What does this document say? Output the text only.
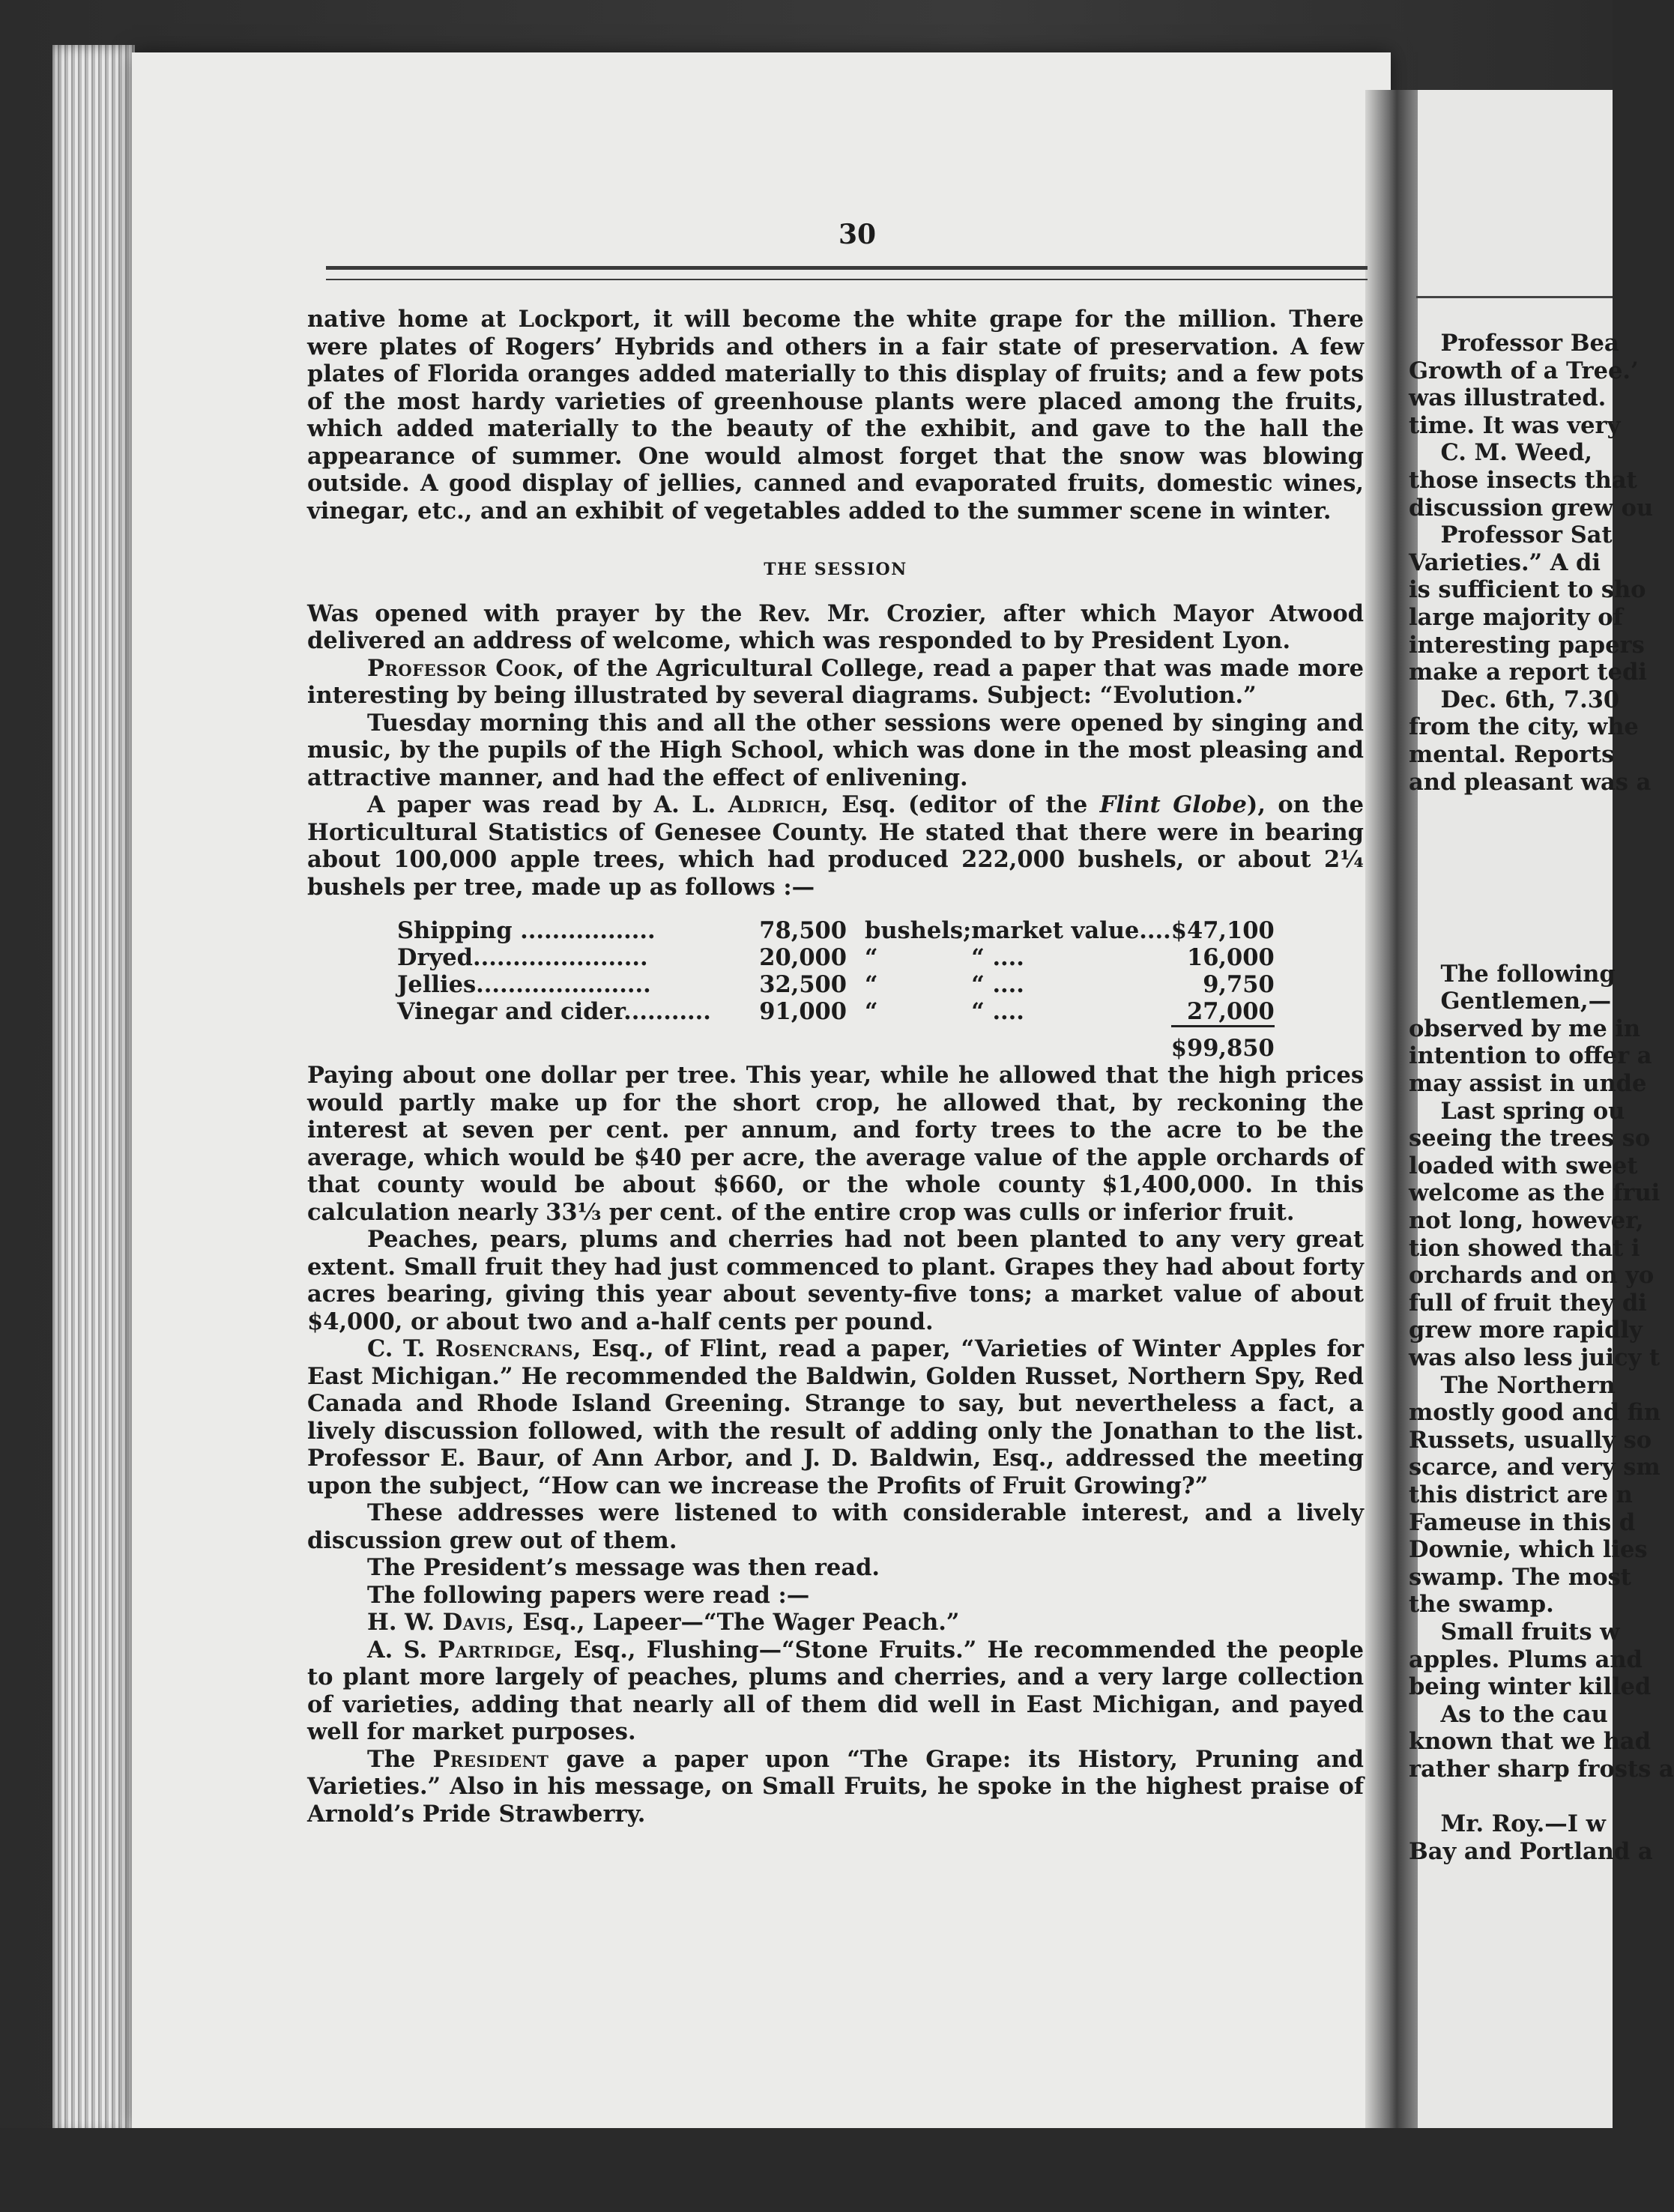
30

native home at Lockport, it will become the white grape for the million. There were plates of Rogers’ Hybrids and others in a fair state of preservation. A few plates of Florida oranges added materially to this display of fruits; and a few pots of the most hardy varieties of greenhouse plants were placed among the fruits, which added materially to the beauty of the exhibit, and gave to the hall the appearance of summer. One would almost forget that the snow was blowing outside. A good display of jellies, canned and evaporated fruits, domestic wines, vinegar, etc., and an exhibit of vegetables added to the summer scene in winter.

THE SESSION

Was opened with prayer by the Rev. Mr. Crozier, after which Mayor Atwood delivered an address of welcome, which was responded to by President Lyon.

Professor Cook, of the Agricultural College, read a paper that was made more interesting by being illustrated by several diagrams. Subject: “Evolution.”

Tuesday morning this and all the other sessions were opened by singing and music, by the pupils of the High School, which was done in the most pleasing and attractive manner, and had the effect of enlivening.

A paper was read by A. L. Aldrich, Esq. (editor of the Flint Globe), on the Horticultural Statistics of Genesee County. He stated that there were in bearing about 100,000 apple trees, which had produced 222,000 bushels, or about 2¼ bushels per tree, made up as follows :—

Shipping .................	78,500	bushels;	market value....	$47,100
Dryed......................	20,000	“	“ ....	16,000
Jellies......................	32,500	“	“ ....	9,750
Vinegar and cider...........	91,000	“	“ ....	27,000
				$99,850

Paying about one dollar per tree. This year, while he allowed that the high prices would partly make up for the short crop, he allowed that, by reckoning the interest at seven per cent. per annum, and forty trees to the acre to be the average, which would be $40 per acre, the average value of the apple orchards of that county would be about $660, or the whole county $1,400,000. In this calculation nearly 33⅓ per cent. of the entire crop was culls or inferior fruit.

Peaches, pears, plums and cherries had not been planted to any very great extent. Small fruit they had just commenced to plant. Grapes they had about forty acres bearing, giving this year about seventy-five tons; a market value of about $4,000, or about two and a-half cents per pound.

C. T. Rosencrans, Esq., of Flint, read a paper, “Varieties of Winter Apples for East Michigan.” He recommended the Baldwin, Golden Russet, Northern Spy, Red Canada and Rhode Island Greening. Strange to say, but nevertheless a fact, a lively discussion followed, with the result of adding only the Jonathan to the list. Professor E. Baur, of Ann Arbor, and J. D. Baldwin, Esq., addressed the meeting upon the subject, “How can we increase the Profits of Fruit Growing?”

These addresses were listened to with considerable interest, and a lively discussion grew out of them.

The President’s message was then read.

The following papers were read :—

H. W. Davis, Esq., Lapeer—“The Wager Peach.”

A. S. Partridge, Esq., Flushing—“Stone Fruits.” He recommended the people to plant more largely of peaches, plums and cherries, and a very large collection of varieties, adding that nearly all of them did well in East Michigan, and payed well for market purposes.

The President gave a paper upon “The Grape: its History, Pruning and Varieties.” Also in his message, on Small Fruits, he spoke in the highest praise of Arnold’s Pride Strawberry.

Professor Bea
Growth of a Tree.’
was illustrated.
time. It was very
C. M. Weed,
those insects that
discussion grew ou
Professor Sat
Varieties.” A di
is sufficient to sho
large majority of
interesting papers
make a report tedi
Dec. 6th, 7.30
from the city, whe
mental. Reports
and pleasant was a
The following
Gentlemen,—
observed by me in
intention to offer a
may assist in unde
Last spring ou
seeing the trees so
loaded with sweet
welcome as the frui
not long, however,
tion showed that i
orchards and on yo
full of fruit they di
grew more rapidly
was also less juicy t
The Northern
mostly good and fin
Russets, usually so
scarce, and very sm
this district are n
Fameuse in this d
Downie, which lies
swamp. The most
the swamp.
Small fruits w
apples. Plums and
being winter killed
As to the cau
known that we had
rather sharp frosts a
Mr. Roy.—I w
Bay and Portland a
